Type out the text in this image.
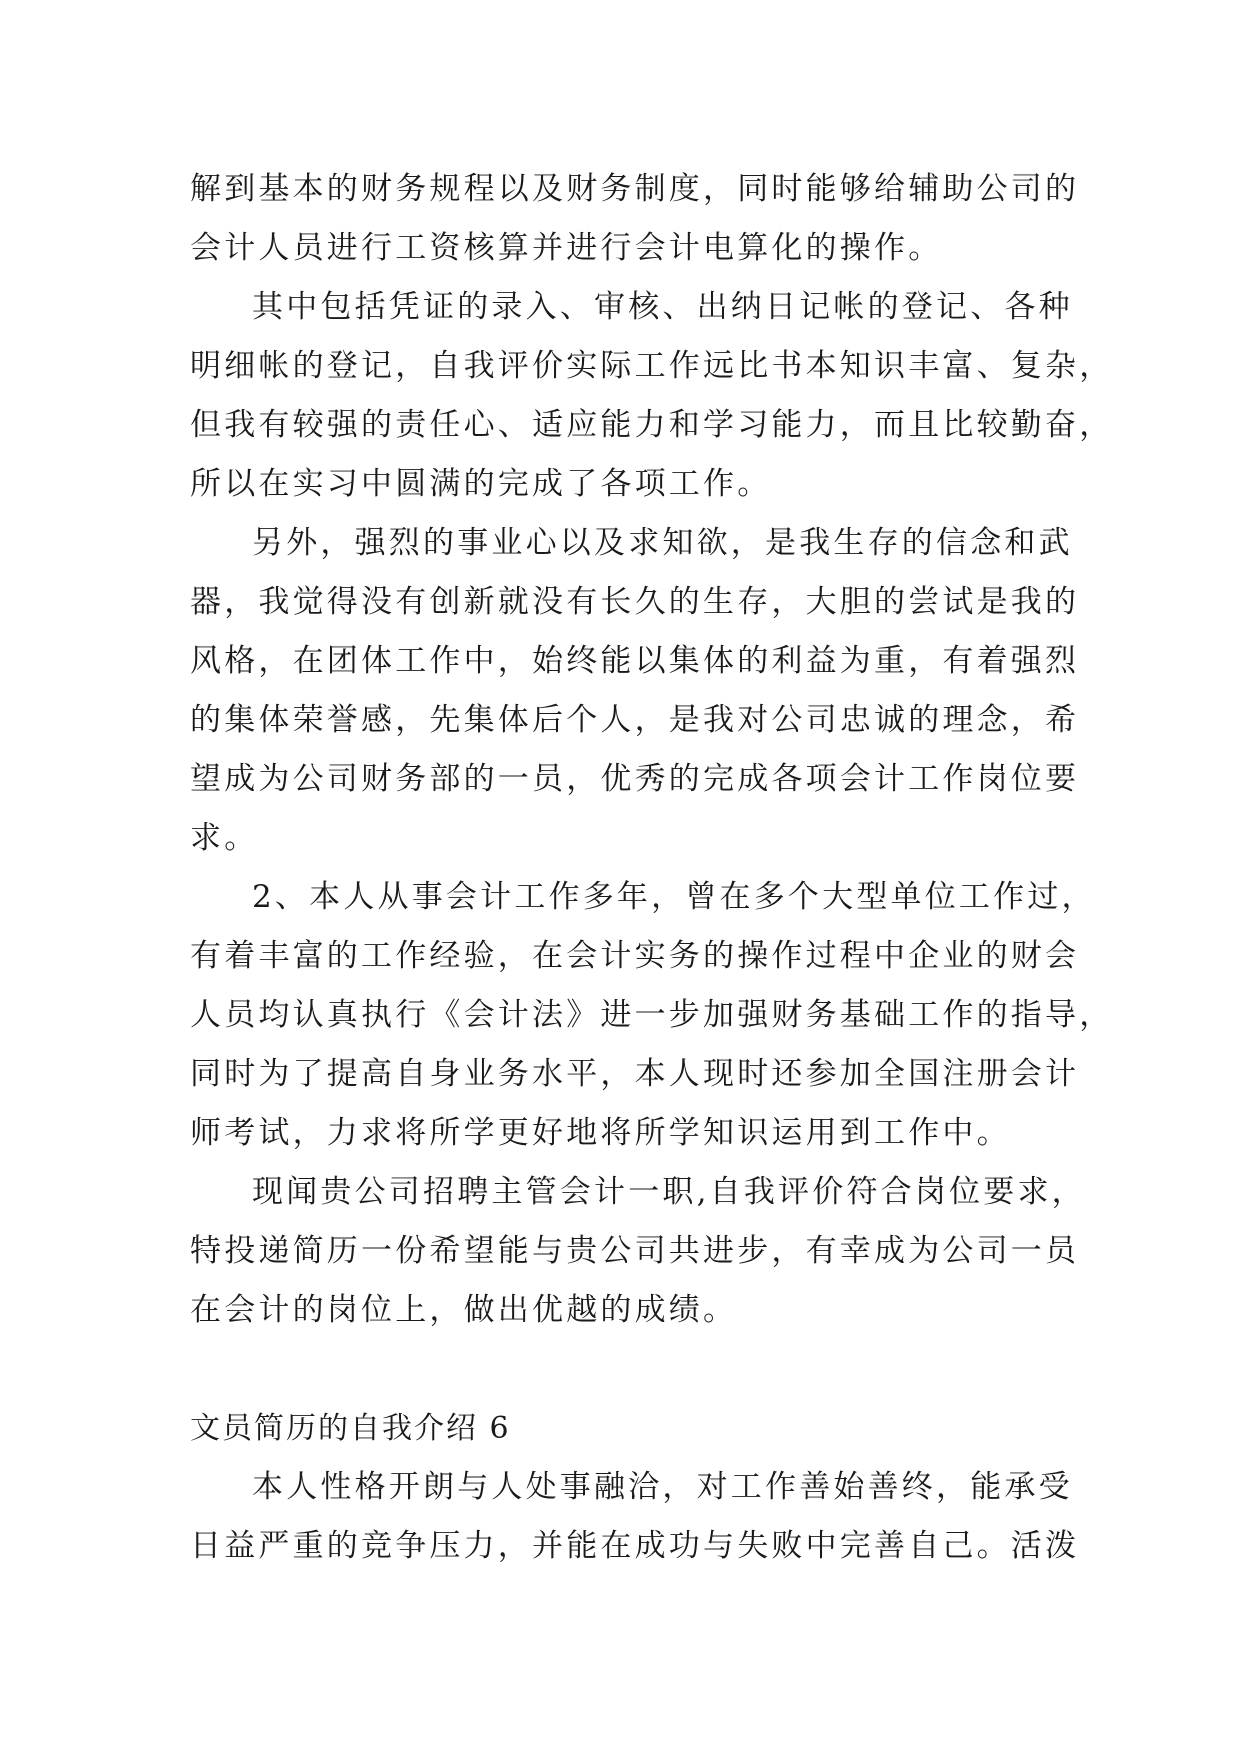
解到基本的财务规程以及财务制度，同时能够给辅助公司的
会计人员进行工资核算并进行会计电算化的操作。
其中包括凭证的录入、审核、出纳日记帐的登记、各种
明细帐的登记，自我评价实际工作远比书本知识丰富、复杂，
但我有较强的责任心、适应能力和学习能力，而且比较勤奋，
所以在实习中圆满的完成了各项工作。
另外，强烈的事业心以及求知欲，是我生存的信念和武
器，我觉得没有创新就没有长久的生存，大胆的尝试是我的
风格，在团体工作中，始终能以集体的利益为重，有着强烈
的集体荣誉感，先集体后个人，是我对公司忠诚的理念，希
望成为公司财务部的一员，优秀的完成各项会计工作岗位要
求。
2、本人从事会计工作多年，曾在多个大型单位工作过，
有着丰富的工作经验，在会计实务的操作过程中企业的财会
人员均认真执行《会计法》进一步加强财务基础工作的指导，
同时为了提高自身业务水平，本人现时还参加全国注册会计
师考试，力求将所学更好地将所学知识运用到工作中。
现闻贵公司招聘主管会计一职,自我评价符合岗位要求，
特投递简历一份希望能与贵公司共进步，有幸成为公司一员
在会计的岗位上，做出优越的成绩。
文员简历的自我介绍 6
本人性格开朗与人处事融洽，对工作善始善终，能承受
日益严重的竞争压力，并能在成功与失败中完善自己。活泼
